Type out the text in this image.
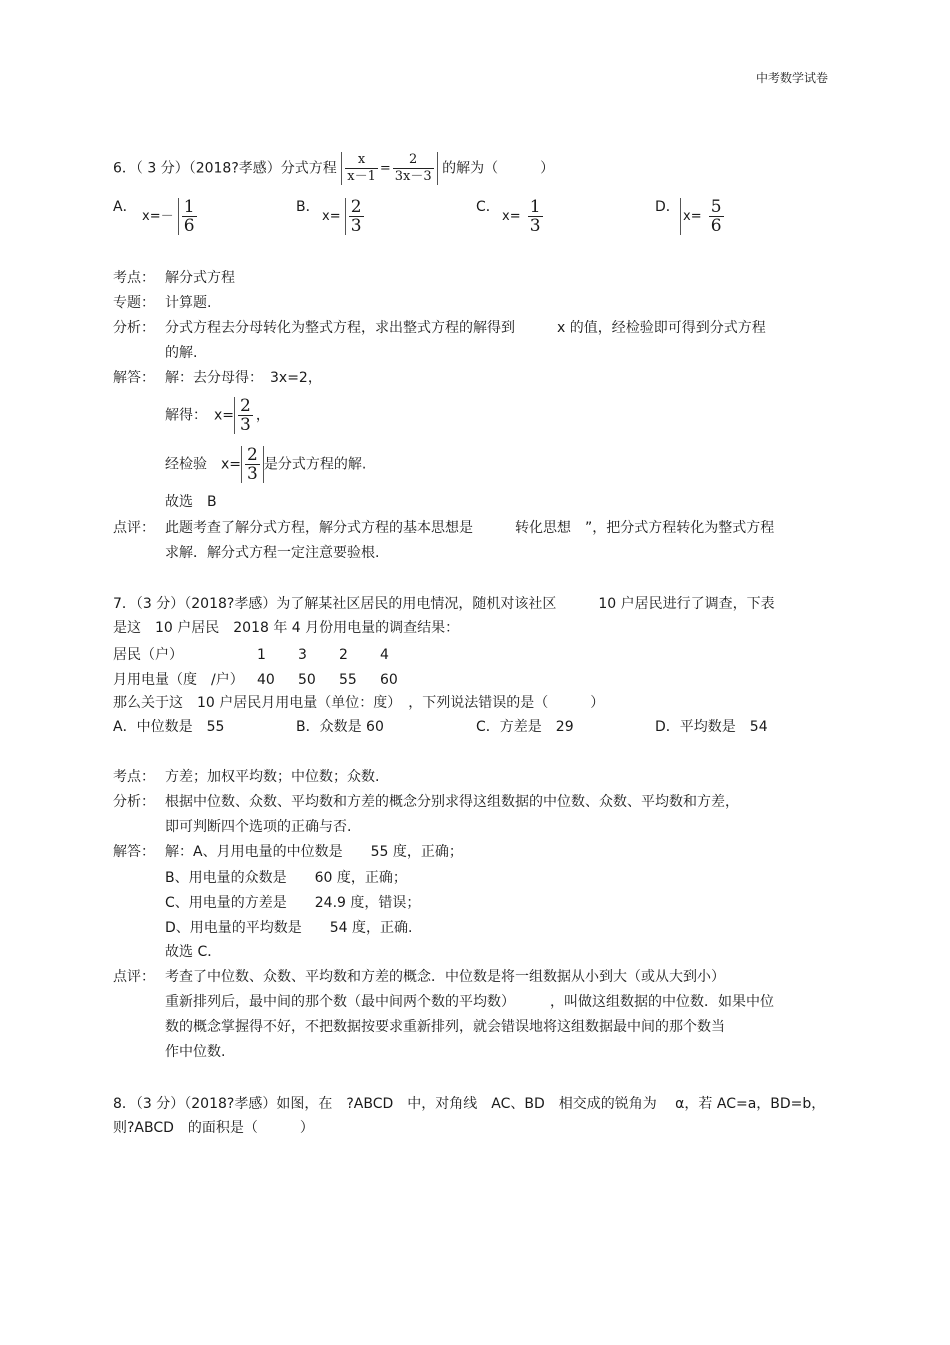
中考数学试卷
6．（ 3 分）（2018?孝感）分式方程 $\frac{x}{x-1} = \frac{2}{3x-3}$ 的解为（　　　）
A．
$x=- \frac{1}{6}$	B．
$x= \frac{2}{3}$	C．
$x= \frac{1}{3}$	D．
$x= \frac{5}{6}$
考点： 解分式方程
专题： 计算题.
分析： 分式方程去分母转化为整式方程，求出整式方程的解得到　　　x 的值，经检验即可得到分式方程
的解.
解答： 解：去分母得：　3x=2，
解得：　$x= \frac{2}{3}$ ，
经检验　$x= \frac{2}{3}$ 是分式方程的解.
故选　B
点评： 此题考查了解分式方程，解分式方程的基本思想是　　　转化思想　”，把分式方程转化为整式方程
求解．解分式方程一定注意要验根.
7．（3 分）（2018?孝感）为了解某社区居民的用电情况，随机对该社区　　　10 户居民进行了调查，下表
是这　10 户居民　2018 年 4 月份用电量的调查结果：
居民（户）	1	3	2	4
月用电量（度　/户）	40	50	55	60
那么关于这　10 户居民月用电量（单位：度）　，下列说法错误的是（　　　）
A．中位数是　55	B．众数是 60	C．方差是　29	D．平均数是　54
考点： 方差；加权平均数；中位数；众数.
分析： 根据中位数、众数、平均数和方差的概念分别求得这组数据的中位数、众数、平均数和方差，
即可判断四个选项的正确与否.
解答： 解：A、月用电量的中位数是　　55 度，正确；
B、用电量的众数是　　60 度，正确；
C、用电量的方差是　　24.9 度，错误；
D、用电量的平均数是　　54 度，正确.
故选 C．
点评： 考查了中位数、众数、平均数和方差的概念．中位数是将一组数据从小到大（或从大到小）
重新排列后，最中间的那个数（最中间两个数的平均数）　　　，叫做这组数据的中位数．如果中位
数的概念掌握得不好，不把数据按要求重新排列，就会错误地将这组数据最中间的那个数当
作中位数.
8．（3 分）（2018?孝感）如图，在　?ABCD　中，对角线　AC、BD　相交成的锐角为　 α，若 AC=a，BD=b，
则?ABCD　的面积是（　　　）
